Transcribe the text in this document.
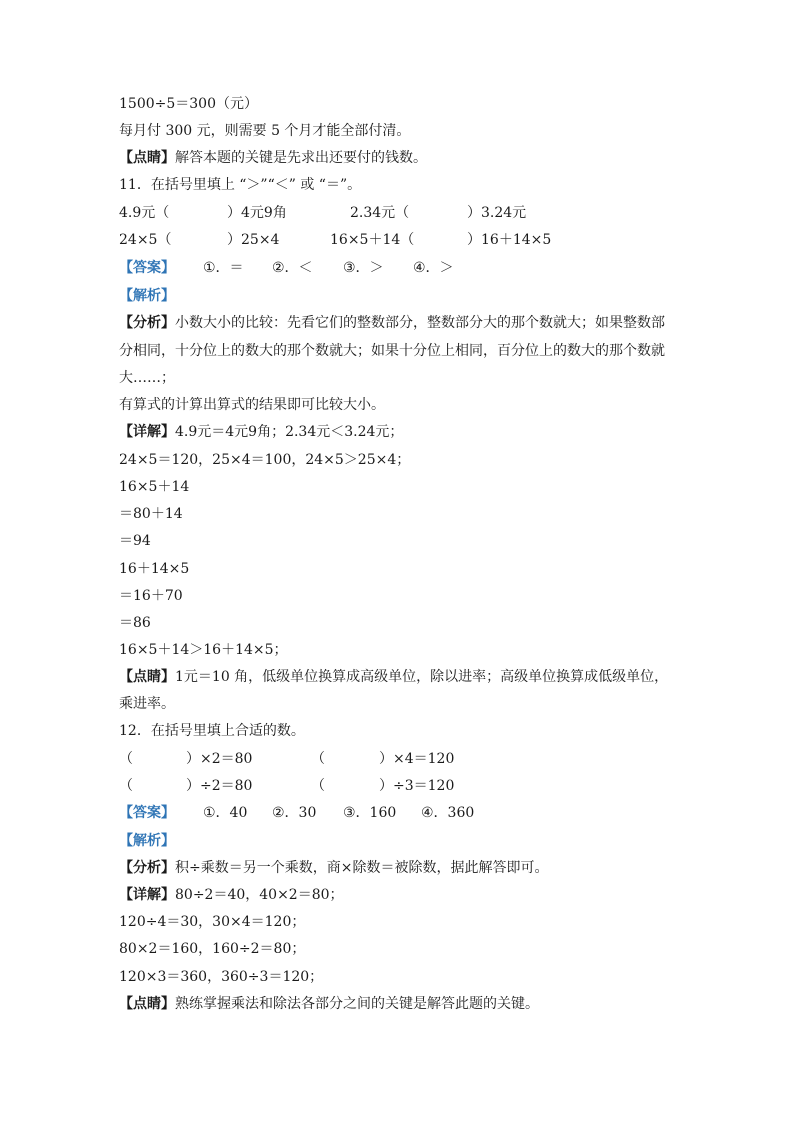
1500÷5＝300（元）
每月付 300 元，则需要 5 个月才能全部付清。
【点睛】解答本题的关键是先求出还要付的钱数。
11．在括号里填上 “＞”“＜” 或 “＝”。
4.9元（	）4元9角	2.34元（	）3.24元
24×5（	）25×4	16×5＋14（	）16＋14×5
【答案】 ①．＝ ②．＜ ③．＞ ④．＞
【解析】
【分析】小数大小的比较：先看它们的整数部分，整数部分大的那个数就大；如果整数部
分相同，十分位上的数大的那个数就大；如果十分位上相同，百分位上的数大的那个数就
大……；
有算式的计算出算式的结果即可比较大小。
【详解】4.9元＝4元9角；2.34元＜3.24元；
24×5＝120，25×4＝100，24×5＞25×4；
16×5＋14
＝80＋14
＝94
16＋14×5
＝16＋70
＝86
16×5＋14＞16＋14×5；
【点睛】1元＝10 角，低级单位换算成高级单位，除以进率；高级单位换算成低级单位，
乘进率。
12．在括号里填上合适的数。
（	）×2＝80	（	）×4＝120
（	）÷2＝80	（	）÷3＝120
【答案】 ①．40 ②．30 ③．160 ④．360
【解析】
【分析】积÷乘数＝另一个乘数，商×除数＝被除数，据此解答即可。
【详解】80÷2＝40，40×2＝80；
120÷4＝30，30×4＝120；
80×2＝160，160÷2＝80；
120×3＝360，360÷3＝120；
【点睛】熟练掌握乘法和除法各部分之间的关键是解答此题的关键。
